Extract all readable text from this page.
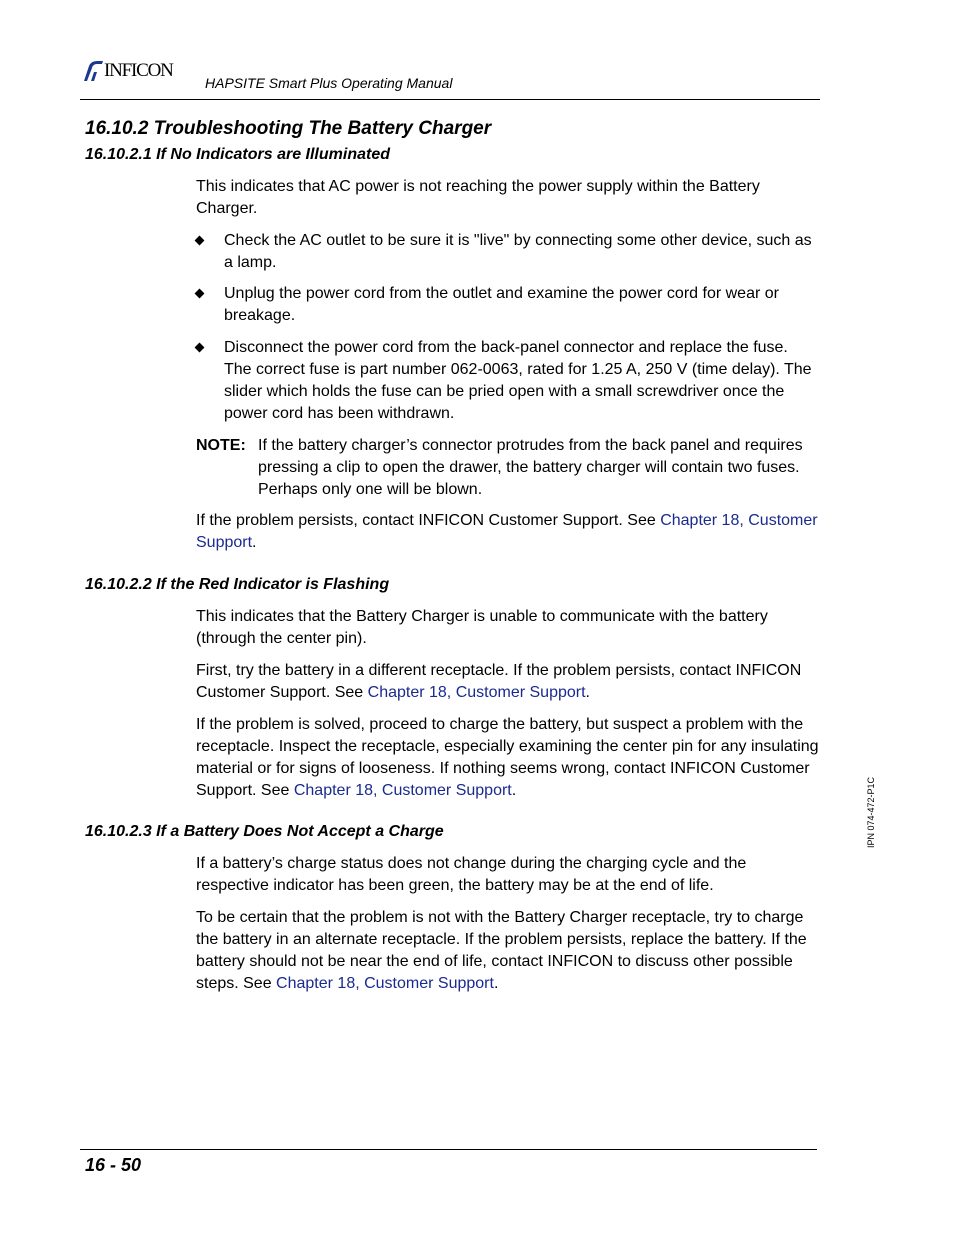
INFICON
HAPSITE Smart Plus Operating Manual
16.10.2 Troubleshooting The Battery Charger
16.10.2.1 If No Indicators are Illuminated

This indicates that AC power is not reaching the power supply within the Battery Charger.

Check the AC outlet to be sure it is "live" by connecting some other device, such as a lamp.
Unplug the power cord from the outlet and examine the power cord for wear or breakage.
Disconnect the power cord from the back-panel connector and replace the fuse. The correct fuse is part number 062-0063, rated for 1.25 A, 250 V (time delay). The slider which holds the fuse can be pried open with a small screwdriver once the power cord has been withdrawn.
NOTE: If the battery charger’s connector protrudes from the back panel and requires pressing a clip to open the drawer, the battery charger will contain two fuses. Perhaps only one will be blown.

If the problem persists, contact INFICON Customer Support. See Chapter 18, Customer Support.

16.10.2.2 If the Red Indicator is Flashing

This indicates that the Battery Charger is unable to communicate with the battery (through the center pin).

First, try the battery in a different receptacle. If the problem persists, contact INFICON Customer Support. See Chapter 18, Customer Support.

If the problem is solved, proceed to charge the battery, but suspect a problem with the receptacle. Inspect the receptacle, especially examining the center pin for any insulating material or for signs of looseness. If nothing seems wrong, contact INFICON Customer Support. See Chapter 18, Customer Support.

16.10.2.3 If a Battery Does Not Accept a Charge

If a battery’s charge status does not change during the charging cycle and the respective indicator has been green, the battery may be at the end of life.

To be certain that the problem is not with the Battery Charger receptacle, try to charge the battery in an alternate receptacle. If the problem persists, replace the battery. If the battery should not be near the end of life, contact INFICON to discuss other possible steps. See Chapter 18, Customer Support.

IPN 074-472-P1C
16 - 50
